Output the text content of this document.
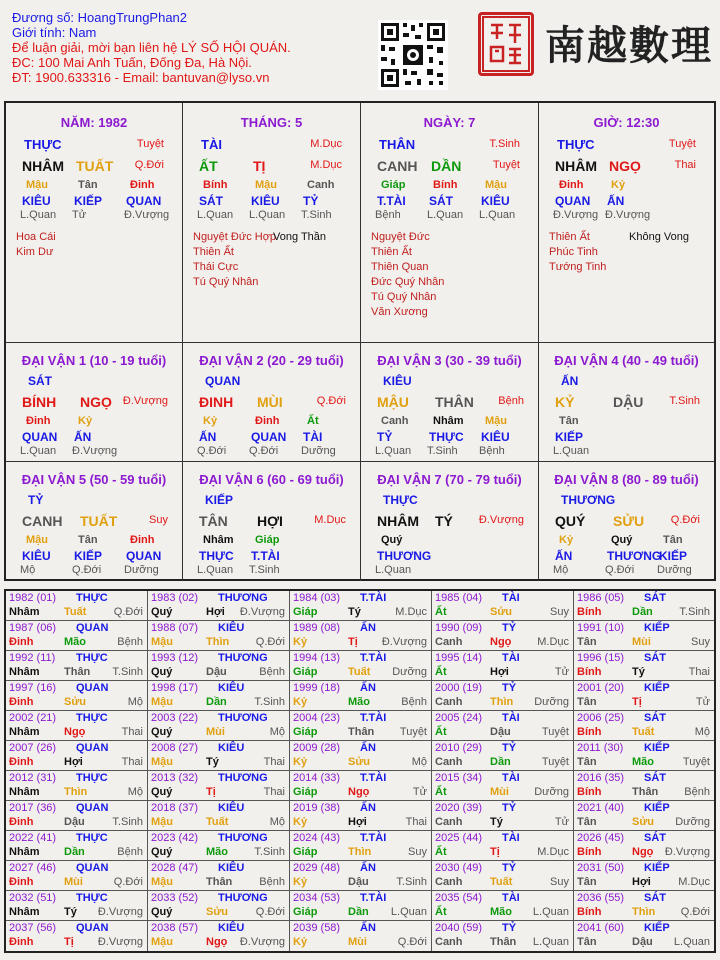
Đương số: HoangTrungPhan2
Giới tính: Nam
Để luận giải, mời bạn liên hệ LÝ SỐ HỘI QUÁN.
ĐC: 100 Mai Anh Tuấn, Đống Đa, Hà Nội.
ĐT: 1900.633316 - Email: bantuvan@lyso.vn
南越數理
NĂM: 1982
THỰC	Tuyệt
NHÂM TUẤT Q.Đới
Mậu	Tân	Đinh
KIÊU KIẾP QUAN
L.Quan Tử	Đ.Vượng
Hoa Cái
Kim Dư
THÁNG: 5
TÀI	M.Dục
ẤT	TỊ	M.Dục
Bính	Mậu	Canh
SÁT KIÊU TỶ
L.Quan L.Quan T.Sinh
Nguyệt Đức Hợp
Thiên Ất
Thái Cực
Tú Quý Nhân
Vong Thần
NGÀY: 7
THÂN	T.Sinh
CANH DẦN	Tuyệt
Giáp	Bính	Mậu
T.TÀI SÁT KIÊU
Bệnh L.Quan L.Quan
Nguyệt Đức
Thiên Ất
Thiên Quan
Đức Quý Nhân
Tú Quý Nhân
Văn Xương
GIỜ: 12:30
THỰC	Tuyệt
NHÂM NGỌ	Thai
Đinh	Kỷ
QUAN ẤN
Đ.Vượng Đ.Vượng
Thiên Ất
Phúc Tinh
Tướng Tinh
Không Vong
ĐẠI VẬN 1 (10 - 19 tuổi)
SÁT
BÍNH NGỌ Đ.Vượng
Đinh	Kỷ
QUAN ẤN
L.Quan Đ.Vượng
ĐẠI VẬN 2 (20 - 29 tuổi)
QUAN
ĐINH MÙI	Q.Đới
Kỷ	Đinh	Ất
ẤN	QUAN TÀI
Q.Đới Q.Đới Dưỡng
ĐẠI VẬN 3 (30 - 39 tuổi)
KIÊU
MẬU THÂN Bệnh
Canh Nhâm Mậu
TỶ	THỰC KIÊU
L.Quan T.Sinh Bệnh
ĐẠI VẬN 4 (40 - 49 tuổi)
ẤN
KỶ	DẬU T.Sinh
Tân
KIẾP
L.Quan
ĐẠI VẬN 5 (50 - 59 tuổi)
TỶ
CANH TUẤT	Suy
Mậu	Tân	Đinh
KIÊU KIẾP QUAN
Mộ	Q.Đới Dưỡng
ĐẠI VẬN 6 (60 - 69 tuổi)
KIẾP
TÂN HỢI	M.Dục
Nhâm Giáp
THỰC T.TÀI
L.Quan T.Sinh
ĐẠI VẬN 7 (70 - 79 tuổi)
THỰC
NHÂM TÝ Đ.Vượng
Quý
THƯƠNG
L.Quan
ĐẠI VẬN 8 (80 - 89 tuổi)
THƯƠNG
QUÝ SỬU Q.Đới
Kỷ	Quý	Tân
ẤN	THƯƠNG
KIẾP
Mộ	Q.Đới Dưỡng
1982 (01) THỰC
Nhâm Tuất Q.Đới
1983 (02) THƯƠNG
Quý	Hợi Đ.Vượng
1984 (03) T.TÀI
Giáp	Tý	M.Dục
1985 (04) TÀI
Ất	Sửu	Suy
1986 (05) SÁT
Bính	Dần T.Sinh
1987 (06) QUAN
Đinh	Mão	Bệnh
1988 (07) KIÊU
Mậu	Thìn Q.Đới
1989 (08) ẤN
Kỷ	Tị Đ.Vượng
1990 (09) TỶ
Canh	Ngọ M.Dục
1991 (10) KIẾP
Tân	Mùi	Suy
1992 (11) THỰC
Nhâm Thân T.Sinh
1993 (12) THƯƠNG
Quý	Dậu	Bệnh
1994 (13) T.TÀI
Giáp	Tuất Dưỡng
1995 (14) TÀI
Ất	Hợi	Tử
1996 (15) SÁT
Bính	Tý	Thai
1997 (16) QUAN
Đinh	Sửu	Mộ
1998 (17) KIÊU
Mậu	Dần	T.Sinh
1999 (18) ẤN
Kỷ	Mão	Bệnh
2000 (19) TỶ
Canh	Thìn Dưỡng
2001 (20) KIẾP
Tân	Tị	Tử
2002 (21) THỰC
Nhâm Ngọ	Thai
2003 (22) THƯƠNG
Quý	Mùi	Mộ
2004 (23) T.TÀI
Giáp	Thân Tuyệt
2005 (24) TÀI
Ất	Dậu	Tuyệt
2006 (25) SÁT
Bính	Tuất	Mộ
2007 (26) QUAN
Đinh	Hợi	Thai
2008 (27) KIÊU
Mậu	Tý	Thai
2009 (28) ẤN
Kỷ	Sửu	Mộ
2010 (29) TỶ
Canh	Dần	Tuyệt
2011 (30) KIẾP
Tân	Mão	Tuyệt
2012 (31) THỰC
Nhâm Thìn	Mộ
2013 (32) THƯƠNG
Quý	Tị	Thai
2014 (33) T.TÀI
Giáp	Ngọ	Tử
2015 (34) TÀI
Ất	Mùi Dưỡng
2016 (35) SÁT
Bính	Thân Bệnh
2017 (36) QUAN
Đinh	Dậu	T.Sinh
2018 (37) KIÊU
Mậu	Tuất	Mộ
2019 (38) ẤN
Kỷ	Hợi	Thai
2020 (39) TỶ
Canh	Tý	Tử
2021 (40) KIẾP
Tân	Sửu Dưỡng
2022 (41) THỰC
Nhâm Dần	Bệnh
2023 (42) THƯƠNG
Quý	Mão T.Sinh
2024 (43) T.TÀI
Giáp	Thìn	Suy
2025 (44) TÀI
Ất	Tị	M.Dục
2026 (45) SÁT
Bính	Ngọ Đ.Vượng
2027 (46) QUAN
Đinh	Mùi	Q.Đới
2028 (47) KIÊU
Mậu	Thân Bệnh
2029 (48) ẤN
Kỷ	Dậu	T.Sinh
2030 (49) TỶ
Canh	Tuất	Suy
2031 (50) KIẾP
Tân	Hợi M.Dục
2032 (51) THỰC
Nhâm Tý Đ.Vượng
2033 (52) THƯƠNG
Quý	Sửu	Q.Đới
2034 (53) T.TÀI
Giáp	Dần L.Quan
2035 (54) TÀI
Ất	Mão L.Quan
2036 (55) SÁT
Bính	Thìn Q.Đới
2037 (56) QUAN
Đinh	Tị Đ.Vượng
2038 (57) KIÊU
Mậu	Ngọ Đ.Vượng
2039 (58) ẤN
Kỷ	Mùi	Q.Đới
2040 (59) TỶ
Canh	Thân L.Quan
2041 (60) KIẾP
Tân	Dậu L.Quan
